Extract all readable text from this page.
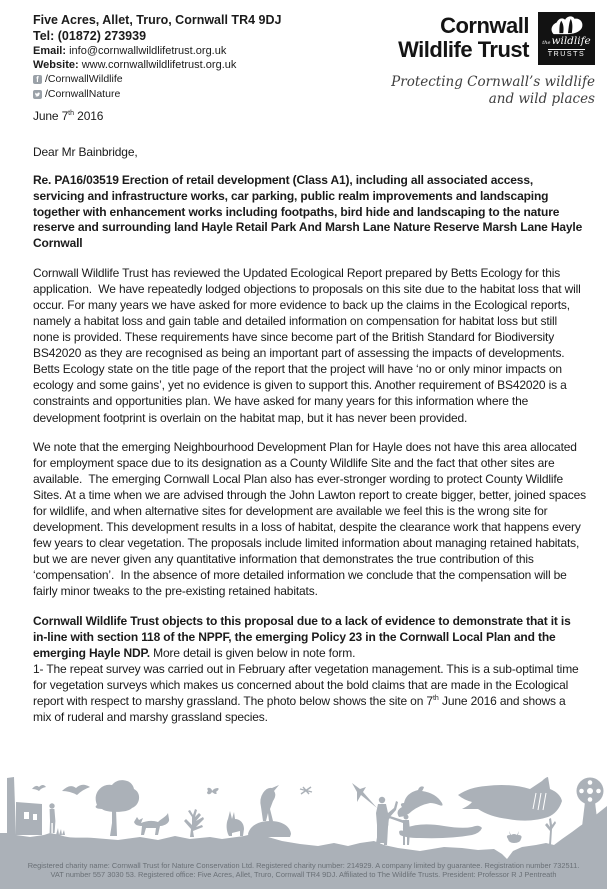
Five Acres, Allet, Truro, Cornwall TR4 9DJ
Tel: (01872) 273939
Email: info@cornwallwildlifetrust.org.uk
Website: www.cornwallwildlifetrust.org.uk
f /CornwallWildlife
/CornwallNature
Cornwall
Wildlife Trust	thewildlife
TRUSTS
Protecting Cornwall’s wildlife
and wild places

June 7th 2016

Dear Mr Bainbridge,

Re. PA16/03519 Erection of retail development (Class A1), including all associated access, servicing and infrastructure works, car parking, public realm improvements and landscaping together with enhancement works including footpaths, bird hide and landscaping to the nature reserve and surrounding land Hayle Retail Park And Marsh Lane Nature Reserve Marsh Lane Hayle Cornwall

Cornwall Wildlife Trust has reviewed the Updated Ecological Report prepared by Betts Ecology for this application.  We have repeatedly lodged objections to proposals on this site due to the habitat loss that will occur. For many years we have asked for more evidence to back up the claims in the Ecological reports, namely a habitat loss and gain table and detailed information on compensation for habitat loss but still none is provided. These requirements have since become part of the British Standard for Biodiversity BS42020 as they are recognised as being an important part of assessing the impacts of developments. Betts Ecology state on the title page of the report that the project will have ‘no or only minor impacts on ecology and some gains’, yet no evidence is given to support this. Another requirement of BS42020 is a constraints and opportunities plan. We have asked for many years for this information where the development footprint is overlain on the habitat map, but it has never been provided.

We note that the emerging Neighbourhood Development Plan for Hayle does not have this area allocated for employment space due to its designation as a County Wildlife Site and the fact that other sites are available.  The emerging Cornwall Local Plan also has ever-stronger wording to protect County Wildlife Sites. At a time when we are advised through the John Lawton report to create bigger, better, joined spaces for wildlife, and when alternative sites for development are available we feel this is the wrong site for development. This development results in a loss of habitat, despite the clearance work that happens every few years to clear vegetation. The proposals include limited information about managing retained habitats, but we are never given any quantitative information that demonstrates the true contribution of this ‘compensation’.  In the absence of more detailed information we conclude that the compensation will be fairly minor tweaks to the pre-existing retained habitats.

Cornwall Wildlife Trust objects to this proposal due to a lack of evidence to demonstrate that it is in-line with section 118 of the NPPF, the emerging Policy 23 in the Cornwall Local Plan and the emerging Hayle NDP. More detail is given below in note form.

1- The repeat survey was carried out in February after vegetation management. This is a sub-optimal time for vegetation surveys which makes us concerned about the bold claims that are made in the Ecological report with respect to marshy grassland. The photo below shows the site on 7th June 2016 and shows a mix of ruderal and marshy grassland species.

Registered charity name: Cornwall Trust for Nature Conservation Ltd. Registered charity number: 214929. A company limited by guarantee. Registration number 732511.
VAT number 557 3030 53. Registered office: Five Acres, Allet, Truro, Cornwall TR4 9DJ. Affiliated to The Wildlife Trusts. President: Professor R J Pentreath
